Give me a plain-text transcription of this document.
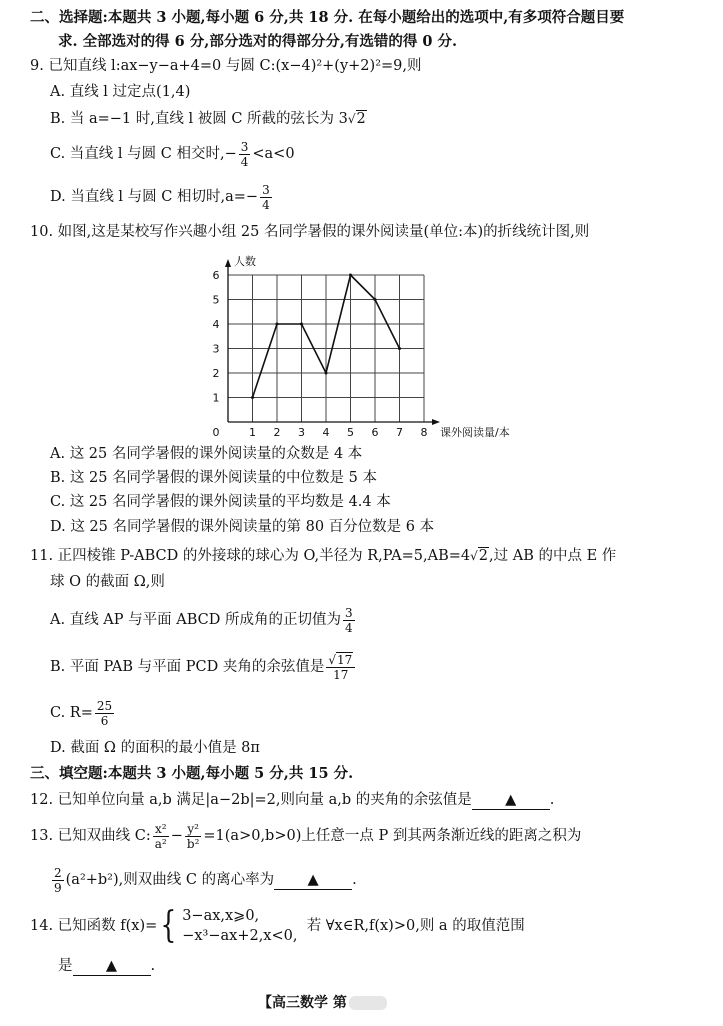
二、选择题:本题共 3 小题,每小题 6 分,共 18 分. 在每小题给出的选项中,有多项符合题目要
求. 全部选对的得 6 分,部分选对的得部分分,有选错的得 0 分.
9. 已知直线 l:ax−y−a+4=0 与圆 C:(x−4)²+(y+2)²=9,则
A. 直线 l 过定点(1,4)
B. 当 a=−1 时,直线 l 被圆 C 所截的弦长为 3√2
C. 当直线 l 与圆 C 相交时,− $\frac{3}{4} <a<0$
D. 当直线 l 与圆 C 相切时$,a=- \frac{3}{4}$
10. 如图,这是某校写作兴趣小组 25 名同学暑假的课外阅读量(单位:本)的折线统计图,则
0	1 2 3 4 5 6 7 8
1
2
3
4
5
6
人数
课外阅读量/本
A. 这 25 名同学暑假的课外阅读量的众数是 4 本
B. 这 25 名同学暑假的课外阅读量的中位数是 5 本
C. 这 25 名同学暑假的课外阅读量的平均数是 4.4 本
D. 这 25 名同学暑假的课外阅读量的第 80 百分位数是 6 本
11. 正四棱锥 P-ABCD 的外接球的球心为 O,半径为 R,PA=5,AB=4√2,过 AB 的中点 E 作
球 O 的截面 Ω,则
A. 直线 AP 与平面 ABCD 所成角的正切值为 $\frac{3}{4}$
B. 平面 PAB 与平面 PCD 夹角的余弦值是 $\frac{√17}{17}$
C. $R= \frac{25}{6}$
D. 截面 Ω 的面积的最小值是 8π
三、填空题:本题共 3 小题,每小题 5 分,共 15 分.
12. 已知单位向量 a,b 满足|a−2b|=2,则向量 a,b 的夹角的余弦值是 ▲ .
13. 已知双曲线 C: $\frac{\text{x²}}{\text{a²}} - \frac{\text{y²}}{\text{b²}} =1(a>0,b>0)$上任意一点 P 到其两条渐近线的距离之积为
$\frac{2}{9} (a^2+b^2)$,则双曲线 C 的离心率为 ▲ .
14. 已知函数 f(x)={ 3−ax,x⩾0,
−x³−ax+2,x<0,
若 ∀x∈R,f(x)>0,则 a 的取值范围
是 ▲ .
【高三数学 第
